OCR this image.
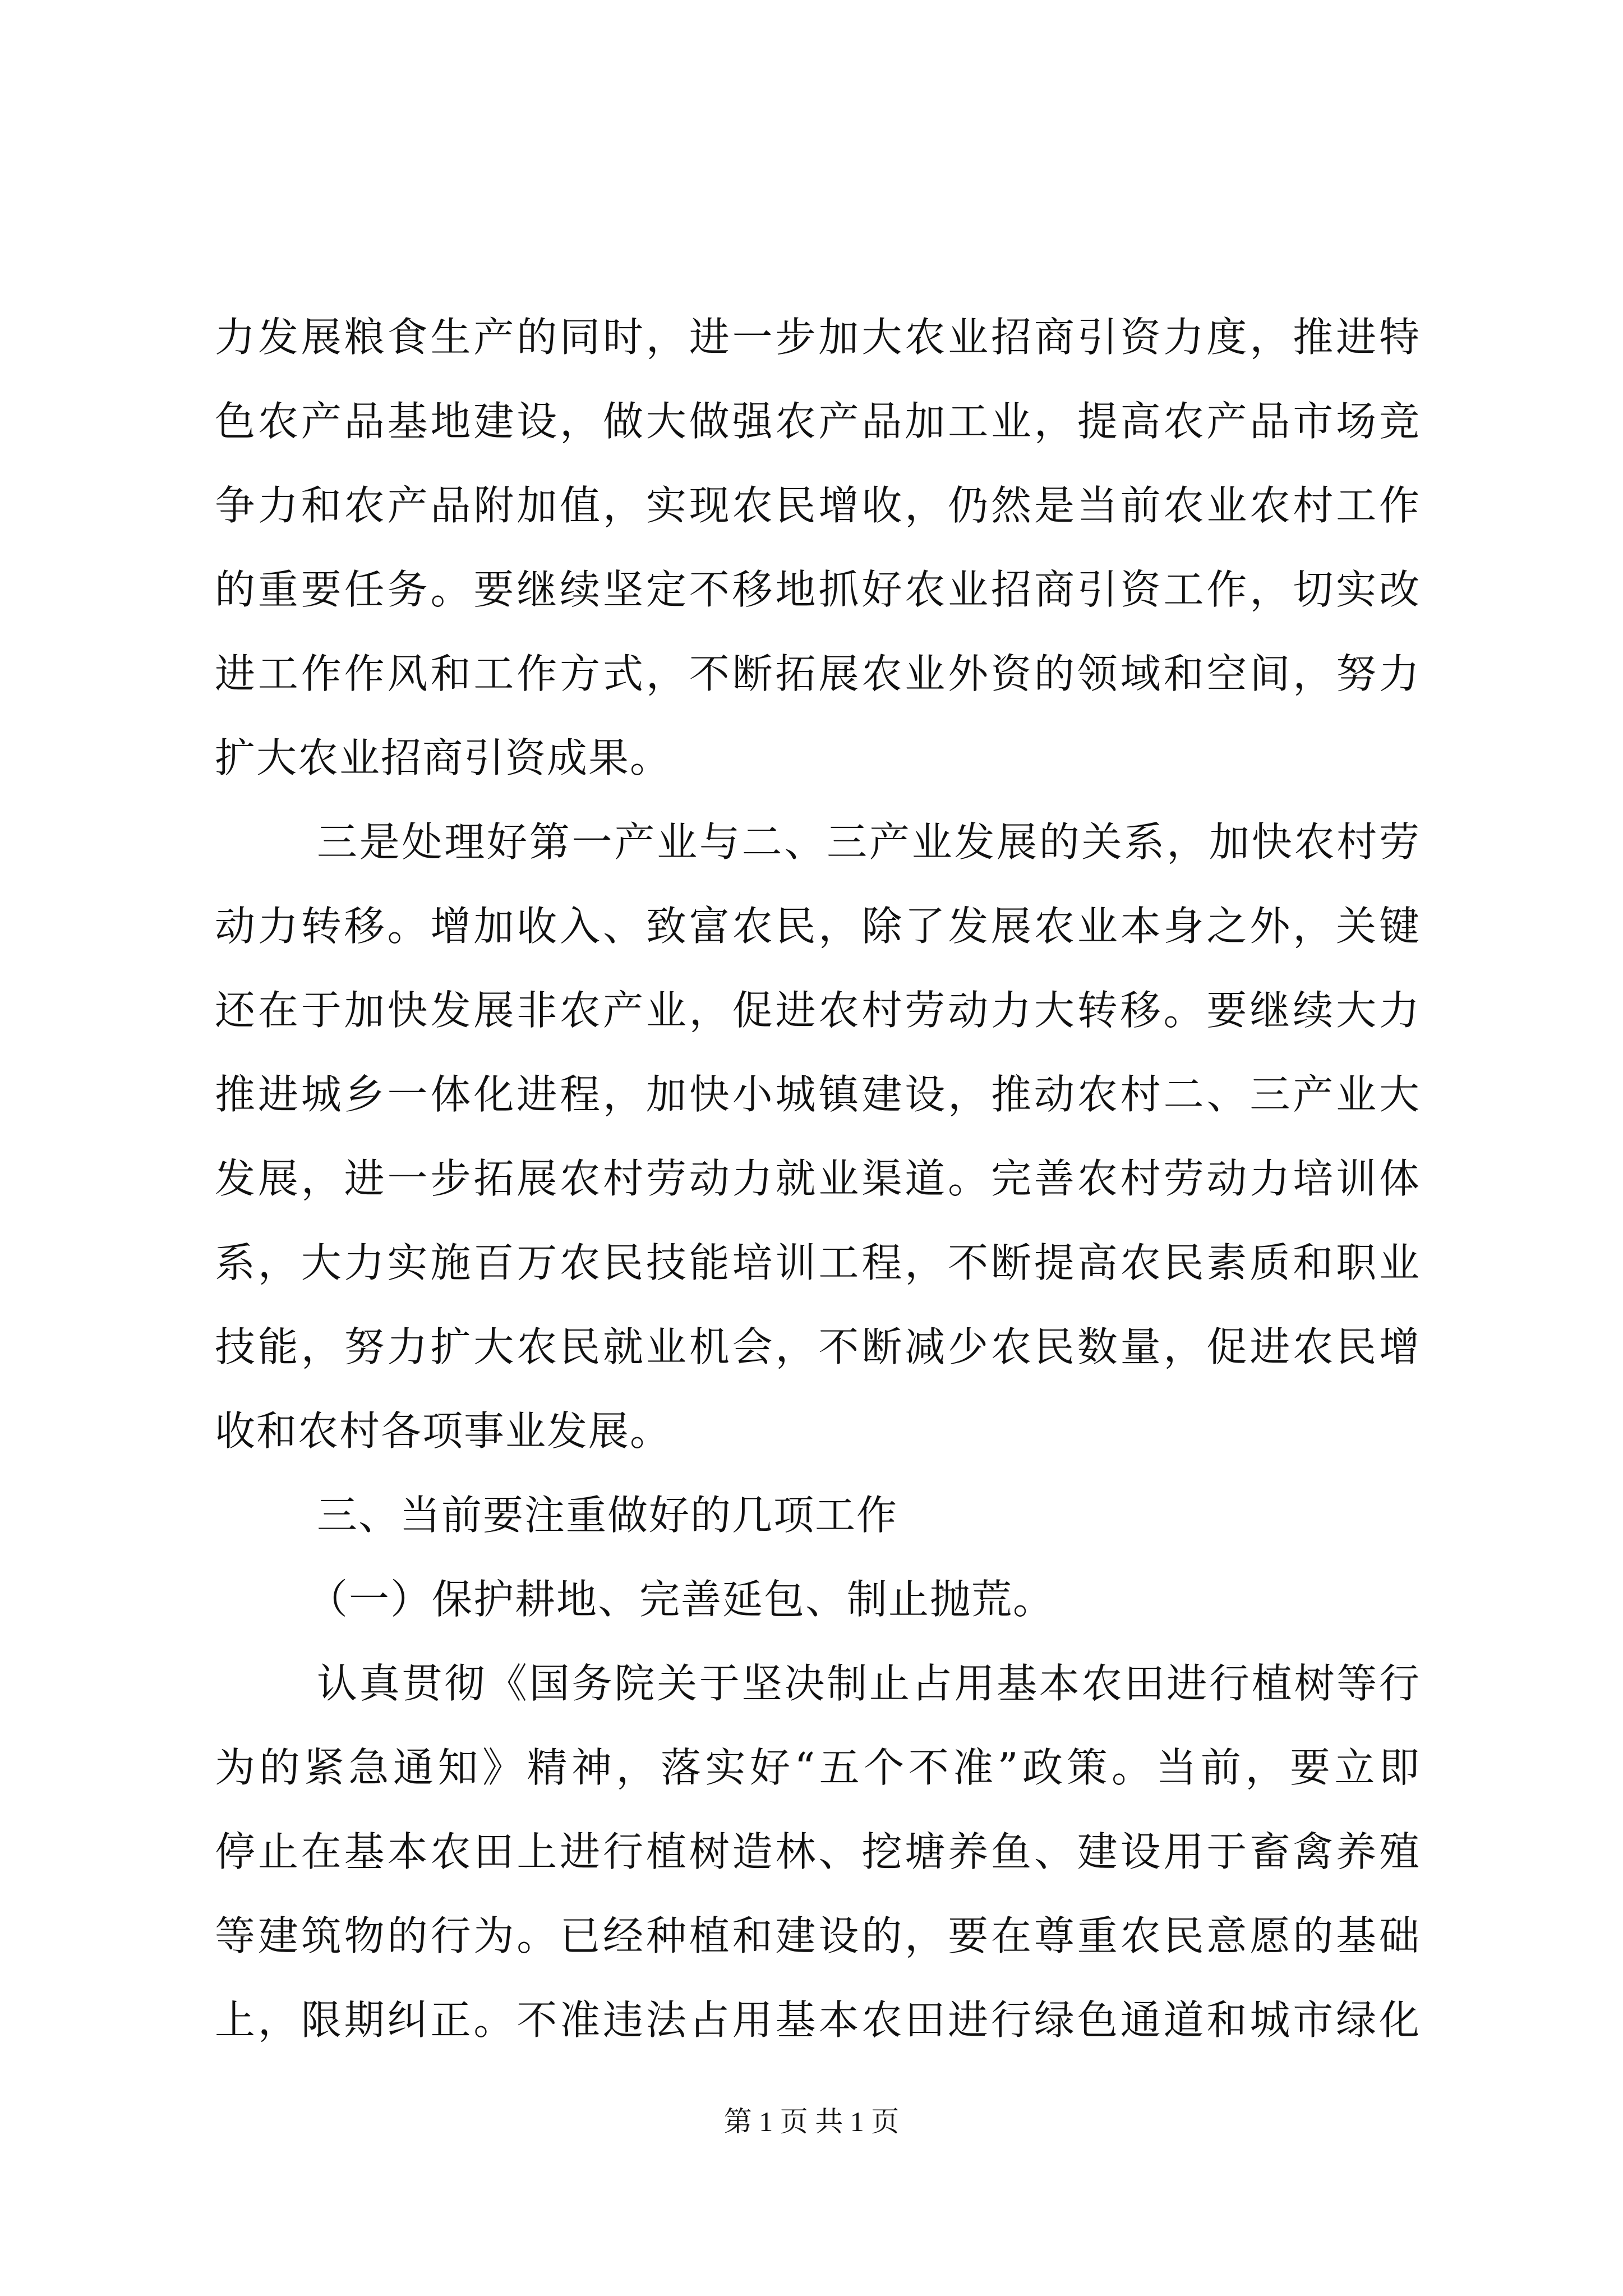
力发展粮食生产的同时，进一步加大农业招商引资力度，推进特
色农产品基地建设，做大做强农产品加工业，提高农产品市场竞
争力和农产品附加值，实现农民增收，仍然是当前农业农村工作
的重要任务。要继续坚定不移地抓好农业招商引资工作，切实改
进工作作风和工作方式，不断拓展农业外资的领域和空间，努力
扩大农业招商引资成果。
三是处理好第一产业与二、三产业发展的关系，加快农村劳
动力转移。增加收入、致富农民，除了发展农业本身之外，关键
还在于加快发展非农产业，促进农村劳动力大转移。要继续大力
推进城乡一体化进程，加快小城镇建设，推动农村二、三产业大
发展，进一步拓展农村劳动力就业渠道。完善农村劳动力培训体
系，大力实施百万农民技能培训工程，不断提高农民素质和职业
技能，努力扩大农民就业机会，不断减少农民数量，促进农民增
收和农村各项事业发展。
三、当前要注重做好的几项工作
（一）保护耕地、完善延包、制止抛荒。
认真贯彻《国务院关于坚决制止占用基本农田进行植树等行
为的紧急通知》精神，落实好“五个不准”政策。当前，要立即
停止在基本农田上进行植树造林、挖塘养鱼、建设用于畜禽养殖
等建筑物的行为。已经种植和建设的，要在尊重农民意愿的基础
上，限期纠正。不准违法占用基本农田进行绿色通道和城市绿化
第 1 页 共 1 页
